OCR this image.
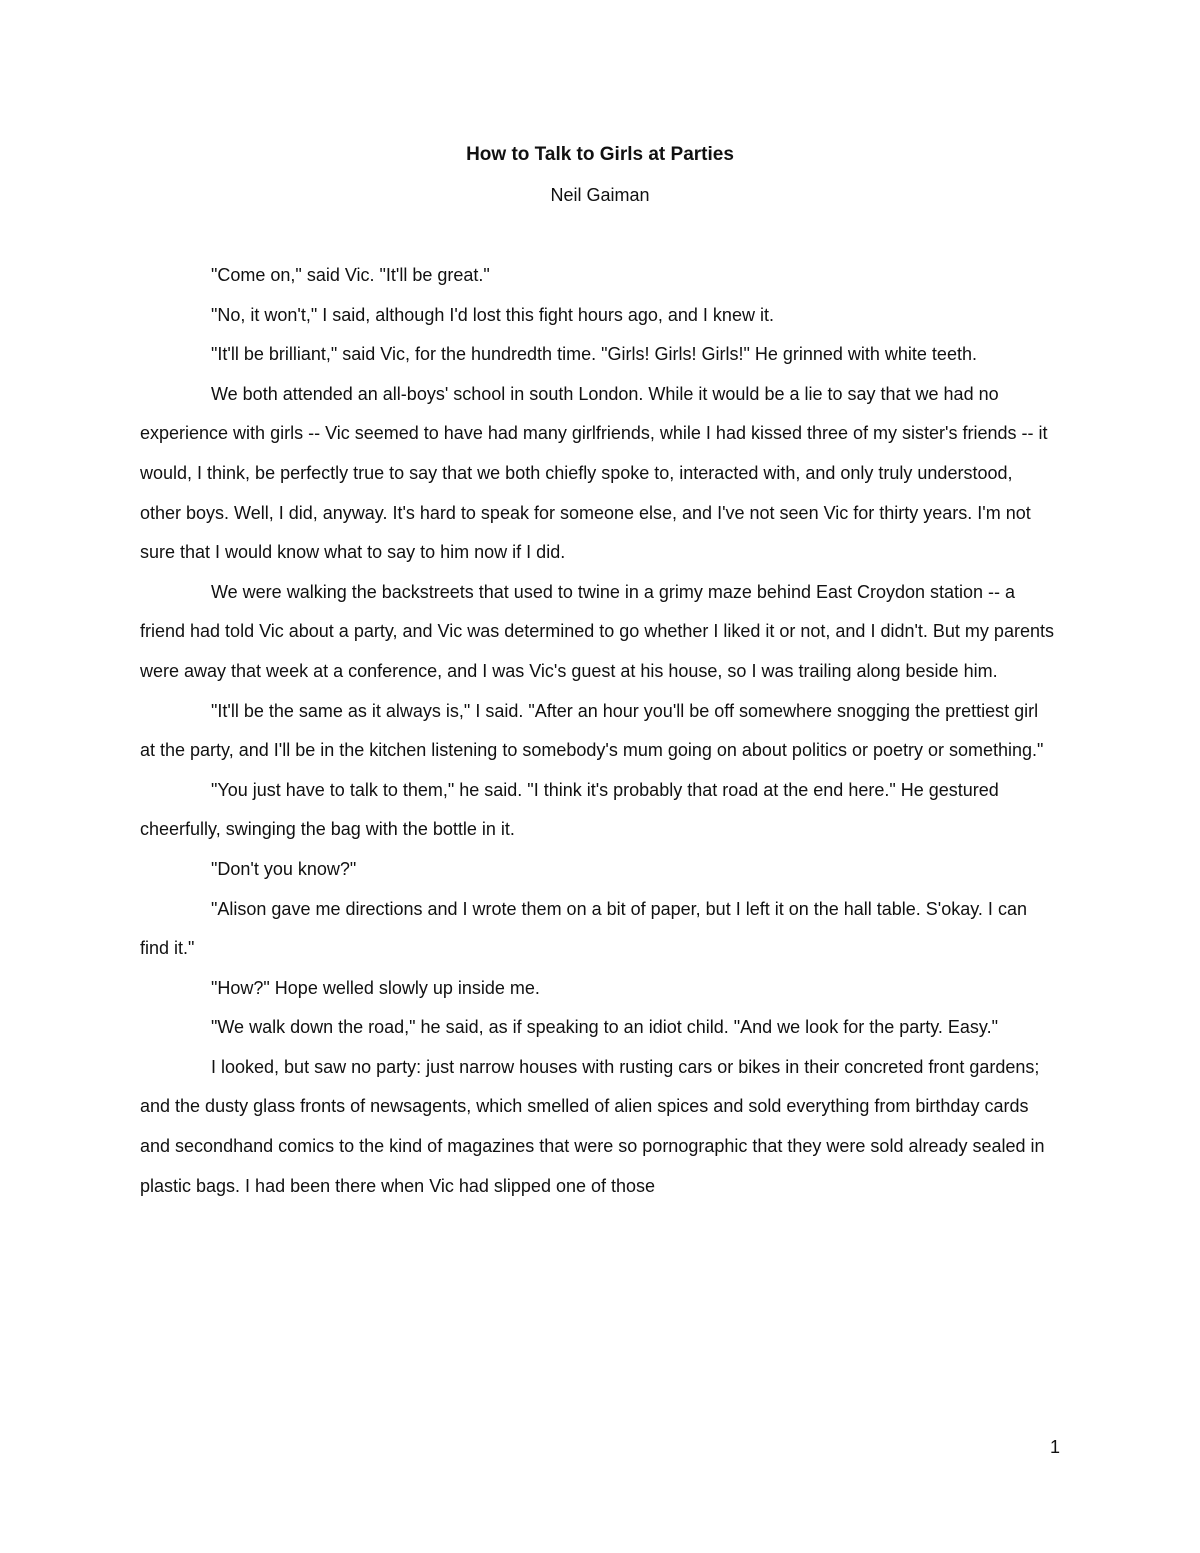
How to Talk to Girls at Parties
Neil Gaiman

"Come on," said Vic. "It'll be great."

"No, it won't," I said, although I'd lost this fight hours ago, and I knew it.

"It'll be brilliant," said Vic, for the hundredth time. "Girls! Girls! Girls!" He grinned with white teeth.

We both attended an all-boys' school in south London. While it would be a lie to say that we had no experience with girls -- Vic seemed to have had many girlfriends, while I had kissed three of my sister's friends -- it would, I think, be perfectly true to say that we both chiefly spoke to, interacted with, and only truly understood, other boys. Well, I did, anyway. It's hard to speak for someone else, and I've not seen Vic for thirty years. I'm not sure that I would know what to say to him now if I did.

We were walking the backstreets that used to twine in a grimy maze behind East Croydon station -- a friend had told Vic about a party, and Vic was determined to go whether I liked it or not, and I didn't. But my parents were away that week at a conference, and I was Vic's guest at his house, so I was trailing along beside him.

"It'll be the same as it always is," I said. "After an hour you'll be off somewhere snogging the prettiest girl at the party, and I'll be in the kitchen listening to somebody's mum going on about politics or poetry or something."

"You just have to talk to them," he said. "I think it's probably that road at the end here." He gestured cheerfully, swinging the bag with the bottle in it.

"Don't you know?"

"Alison gave me directions and I wrote them on a bit of paper, but I left it on the hall table. S'okay. I can find it."

"How?" Hope welled slowly up inside me.

"We walk down the road," he said, as if speaking to an idiot child. "And we look for the party. Easy."

I looked, but saw no party: just narrow houses with rusting cars or bikes in their concreted front gardens; and the dusty glass fronts of newsagents, which smelled of alien spices and sold everything from birthday cards and secondhand comics to the kind of magazines that were so pornographic that they were sold already sealed in plastic bags. I had been there when Vic had slipped one of those

1
